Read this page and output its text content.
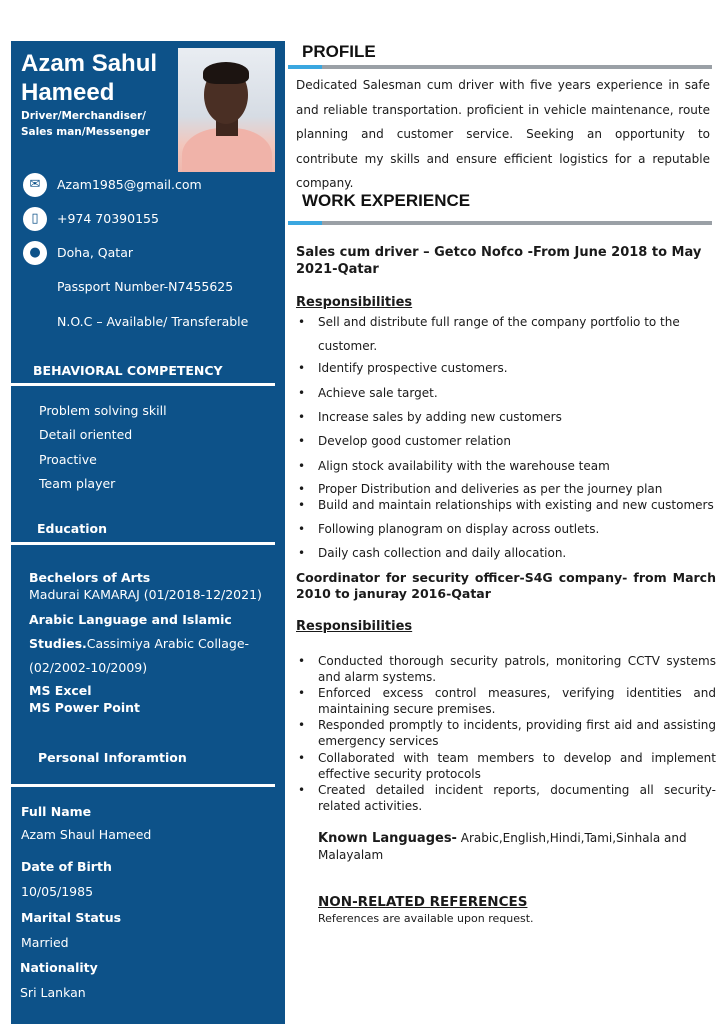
Azam Sahul Hameed
Driver/Merchandiser/ Sales man/Messenger
✉	Azam1985@gmail.com
▯	+974 70390155
●	Doha, Qatar
Passport Number-N7455625
N.O.C – Available/ Transferable
BEHAVIORAL COMPETENCY
Problem solving skill
Detail oriented
Proactive
Team player
Education
Bechelors of Arts
Madurai KAMARAJ (01/2018-12/2021)
Arabic Language and Islamic
Studies.Cassimiya Arabic Collage-
(02/2002-10/2009)
MS Excel
MS Power Point
Personal Inforamtion
Full Name
Azam Shaul Hameed
Date of Birth
10/05/1985
Marital Status
Married
Nationality
Sri Lankan
PROFILE
Dedicated Salesman cum driver with five years experience in safe and reliable transportation. proficient in vehicle maintenance, route planning and customer service. Seeking an opportunity to contribute my skills and ensure efficient logistics for a reputable company.
WORK EXPERIENCE
Sales cum driver – Getco Nofco -From June 2018 to May 2021-Qatar
Responsibilities
• Sell and distribute full range of the company portfolio to the customer.
• Identify prospective customers.
• Achieve sale target.
• Increase sales by adding new customers
• Develop good customer relation
• Align stock availability with the warehouse team
• Proper Distribution and deliveries as per the journey plan
• Build and maintain relationships with existing and new customers
• Following planogram on display across outlets.
• Daily cash collection and daily allocation.
Coordinator for security officer-S4G company- from March 2010 to januray 2016-Qatar
Responsibilities
• Conducted thorough security patrols, monitoring CCTV systems and alarm systems.
• Enforced excess control measures, verifying identities and maintaining secure premises.
• Responded promptly to incidents, providing first aid and assisting emergency services
• Collaborated with team members to develop and implement effective security protocols
• Created detailed incident reports, documenting all security-related activities.
Known Languages- Arabic,English,Hindi,Tami,Sinhala and Malayalam
NON-RELATED REFERENCES
References are available upon request.
